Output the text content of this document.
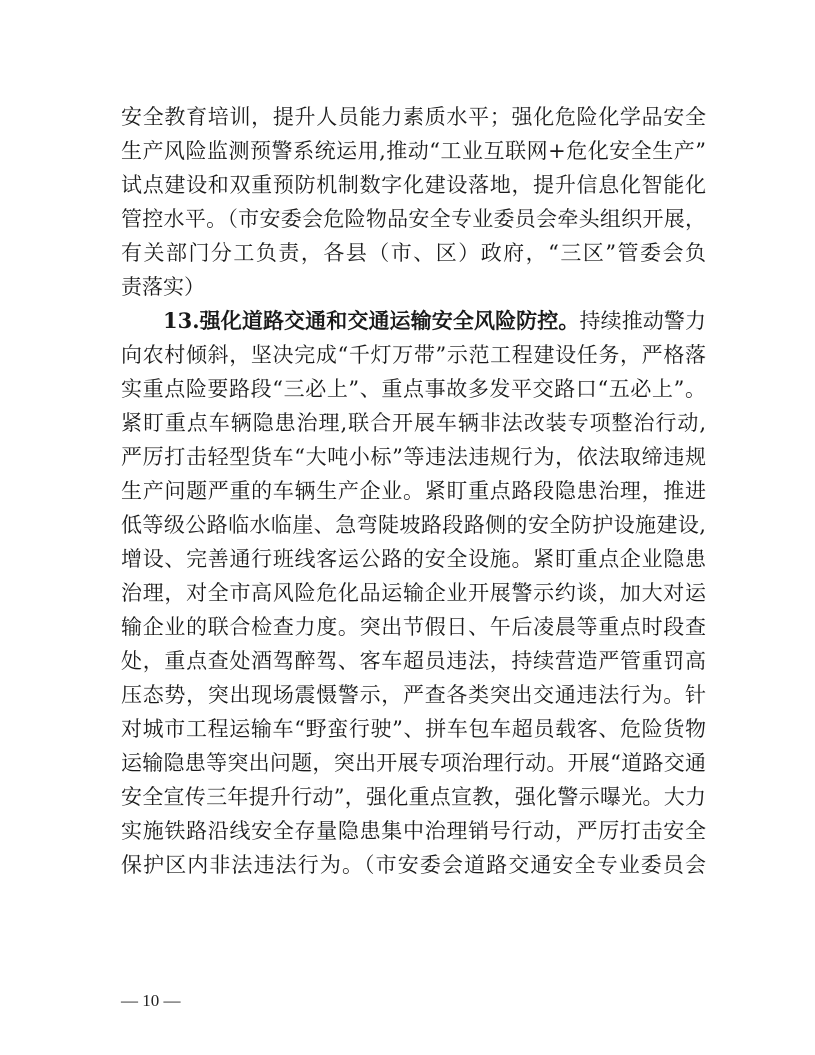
安全教育培训，提升人员能力素质水平；强化危险化学品安全
生产风险监测预警系统运用,推动“工业互联网+危化安全生产”
试点建设和双重预防机制数字化建设落地，提升信息化智能化
管控水平。（市安委会危险物品安全专业委员会牵头组织开展，
有关部门分工负责，各县（市、区）政府，“三区”管委会负
责落实）
13.强化道路交通和交通运输安全风险防控。持续推动警力
向农村倾斜，坚决完成“千灯万带”示范工程建设任务，严格落
实重点险要路段“三必上”、重点事故多发平交路口“五必上”。
紧盯重点车辆隐患治理,联合开展车辆非法改装专项整治行动,
严厉打击轻型货车“大吨小标”等违法违规行为，依法取缔违规
生产问题严重的车辆生产企业。紧盯重点路段隐患治理，推进
低等级公路临水临崖、急弯陡坡路段路侧的安全防护设施建设,
增设、完善通行班线客运公路的安全设施。紧盯重点企业隐患
治理，对全市高风险危化品运输企业开展警示约谈，加大对运
输企业的联合检查力度。突出节假日、午后凌晨等重点时段查
处，重点查处酒驾醉驾、客车超员违法，持续营造严管重罚高
压态势，突出现场震慑警示，严查各类突出交通违法行为。针
对城市工程运输车“野蛮行驶”、拼车包车超员载客、危险货物
运输隐患等突出问题，突出开展专项治理行动。开展“道路交通
安全宣传三年提升行动”，强化重点宣教，强化警示曝光。大力
实施铁路沿线安全存量隐患集中治理销号行动，严厉打击安全
保护区内非法违法行为。（市安委会道路交通安全专业委员会
— 10 —
